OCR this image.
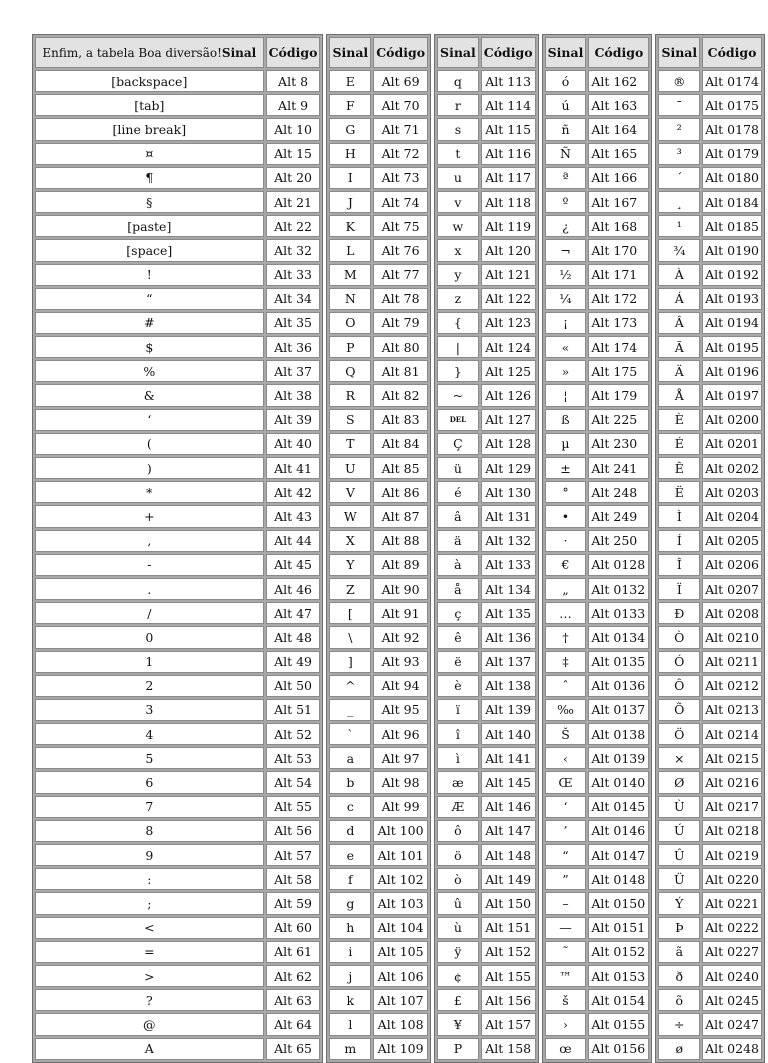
Enfim, a tabela Boa diversão!Sinal	Código
[backspace]	Alt 8
[tab]	Alt 9
[line break]	Alt 10
¤	Alt 15
¶	Alt 20
§	Alt 21
[paste]	Alt 22
[space]	Alt 32
!	Alt 33
“	Alt 34
#	Alt 35
$	Alt 36
%	Alt 37
&	Alt 38
‘	Alt 39
(	Alt 40
)	Alt 41
*	Alt 42
+	Alt 43
,	Alt 44
-	Alt 45
.	Alt 46
/	Alt 47
0	Alt 48
1	Alt 49
2	Alt 50
3	Alt 51
4	Alt 52
5	Alt 53
6	Alt 54
7	Alt 55
8	Alt 56
9	Alt 57
:	Alt 58
;	Alt 59
<	Alt 60
=	Alt 61
>	Alt 62
?	Alt 63
@	Alt 64
A	Alt 65
Sinal	Código
E	Alt 69
F	Alt 70
G	Alt 71
H	Alt 72
I	Alt 73
J	Alt 74
K	Alt 75
L	Alt 76
M	Alt 77
N	Alt 78
O	Alt 79
P	Alt 80
Q	Alt 81
R	Alt 82
S	Alt 83
T	Alt 84
U	Alt 85
V	Alt 86
W	Alt 87
X	Alt 88
Y	Alt 89
Z	Alt 90
[	Alt 91
\	Alt 92
]	Alt 93
^	Alt 94
_	Alt 95
`	Alt 96
a	Alt 97
b	Alt 98
c	Alt 99
d	Alt 100
e	Alt 101
f	Alt 102
g	Alt 103
h	Alt 104
i	Alt 105
j	Alt 106
k	Alt 107
l	Alt 108
m	Alt 109
Sinal	Código
q	Alt 113
r	Alt 114
s	Alt 115
t	Alt 116
u	Alt 117
v	Alt 118
w	Alt 119
x	Alt 120
y	Alt 121
z	Alt 122
{	Alt 123
|	Alt 124
}	Alt 125
~	Alt 126
DEL	Alt 127
Ç	Alt 128
ü	Alt 129
é	Alt 130
â	Alt 131
ä	Alt 132
à	Alt 133
å	Alt 134
ç	Alt 135
ê	Alt 136
ë	Alt 137
è	Alt 138
ï	Alt 139
î	Alt 140
ì	Alt 141
æ	Alt 145
Æ	Alt 146
ô	Alt 147
ö	Alt 148
ò	Alt 149
û	Alt 150
ù	Alt 151
ÿ	Alt 152
¢	Alt 155
£	Alt 156
¥	Alt 157
P	Alt 158
Sinal	Código
ó	Alt 162
ú	Alt 163
ñ	Alt 164
Ñ	Alt 165
ª	Alt 166
º	Alt 167
¿	Alt 168
¬	Alt 170
½	Alt 171
¼	Alt 172
¡	Alt 173
«	Alt 174
»	Alt 175
¦	Alt 179
ß	Alt 225
µ	Alt 230
±	Alt 241
°	Alt 248
•	Alt 249
·	Alt 250
€	Alt 0128
„	Alt 0132
…	Alt 0133
†	Alt 0134
‡	Alt 0135
ˆ	Alt 0136
‰	Alt 0137
Š	Alt 0138
‹	Alt 0139
Œ	Alt 0140
‘	Alt 0145
’	Alt 0146
“	Alt 0147
”	Alt 0148
–	Alt 0150
—	Alt 0151
˜	Alt 0152
™	Alt 0153
š	Alt 0154
›	Alt 0155
œ	Alt 0156
Sinal	Código
®	Alt 0174
¯	Alt 0175
²	Alt 0178
³	Alt 0179
´	Alt 0180
¸	Alt 0184
¹	Alt 0185
¾	Alt 0190
À	Alt 0192
Á	Alt 0193
Â	Alt 0194
Ã	Alt 0195
Ä	Alt 0196
Å	Alt 0197
È	Alt 0200
É	Alt 0201
Ê	Alt 0202
Ë	Alt 0203
Ì	Alt 0204
Í	Alt 0205
Î	Alt 0206
Ï	Alt 0207
Ð	Alt 0208
Ò	Alt 0210
Ó	Alt 0211
Ô	Alt 0212
Õ	Alt 0213
Ö	Alt 0214
×	Alt 0215
Ø	Alt 0216
Ù	Alt 0217
Ú	Alt 0218
Û	Alt 0219
Ü	Alt 0220
Ý	Alt 0221
Þ	Alt 0222
ã	Alt 0227
ð	Alt 0240
õ	Alt 0245
÷	Alt 0247
ø	Alt 0248
